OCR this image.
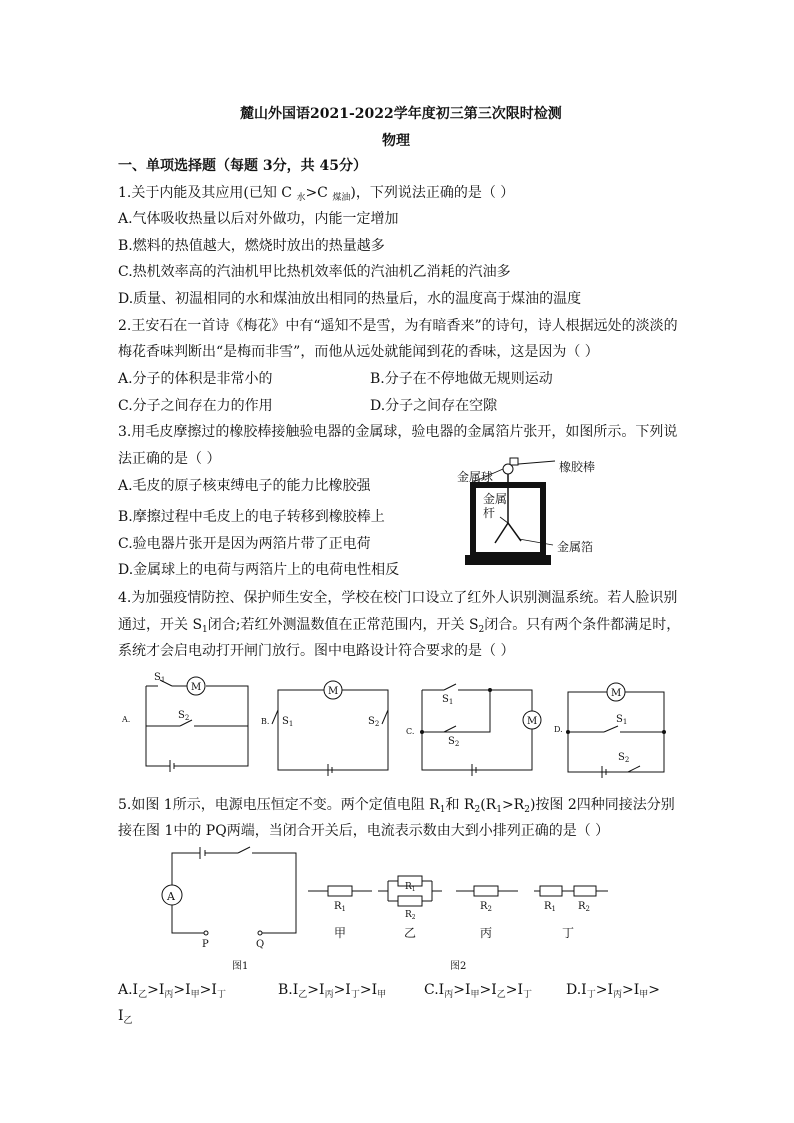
麓山外国语2021-2022学年度初三第三次限时检测
物理
一、单项选择题（每题 3分，共 45分）
1.关于内能及其应用(已知 C $_水$>C $_{煤油}$)，下列说法正确的是（ ）
A.气体吸收热量以后对外做功，内能一定增加
B.燃料的热值越大，燃烧时放出的热量越多
C.热机效率高的汽油机甲比热机效率低的汽油机乙消耗的汽油多
D.质量、初温相同的水和煤油放出相同的热量后，水的温度高于煤油的温度
2.王安石在一首诗《梅花》中有“遥知不是雪，为有暗香来”的诗句，诗人根据远处的淡淡的
梅花香味判断出“是梅而非雪”，而他从远处就能闻到花的香味，这是因为（ ）
A.分子的体积是非常小的	B.分子在不停地做无规则运动
C.分子之间存在力的作用	D.分子之间存在空隙
3.用毛皮摩擦过的橡胶棒接触验电器的金属球，验电器的金属箔片张开，如图所示。下列说
法正确的是（ ）
A.毛皮的原子核束缚电子的能力比橡胶强
B.摩擦过程中毛皮上的电子转移到橡胶棒上
C.验电器片张开是因为两箔片带了正电荷
D.金属球上的电荷与两箔片上的电荷电性相反
金属球
橡胶棒
金属
杆
金属箔
4.为加强疫情防控、保护师生安全，学校在校门口设立了红外人识别测温系统。若人脸识别
通过，开关 $S_1$闭合;若红外测温数值在正常范围内，开关 $S_2$闭合。只有两个条件都满足时，
系统才会启电动打开闸门放行。图中电路设计符合要求的是（ ）
M	M
M
M
A.	B.
C.	D.
$S_1$
$S_2$	$S_1$	$S_2$
$S_1$
$S_2$
$S_1$
$S_2$
5.如图 1所示，电源电压恒定不变。两个定值电阻 $R_1$和 $R_2(R_1>R_2)$按图 2四种同接法分别
接在图 1中的 PQ两端，当闭合开关后，电流表示数由大到小排列正确的是（ ）
A
P	Q
图1
$R_1$
$R_1$
$R_2$
$R_2$	$R_1$ $R_2$
甲	乙	丙	丁
图2
$A.I_乙>I_丙>I_甲>I_丁$	$B.I_乙>I_丙>I_丁>I_甲$	$C.I_丙>I_甲>I_乙>I_丁$ $D.I_丁>I_丙>I_甲>$
$I_乙$
